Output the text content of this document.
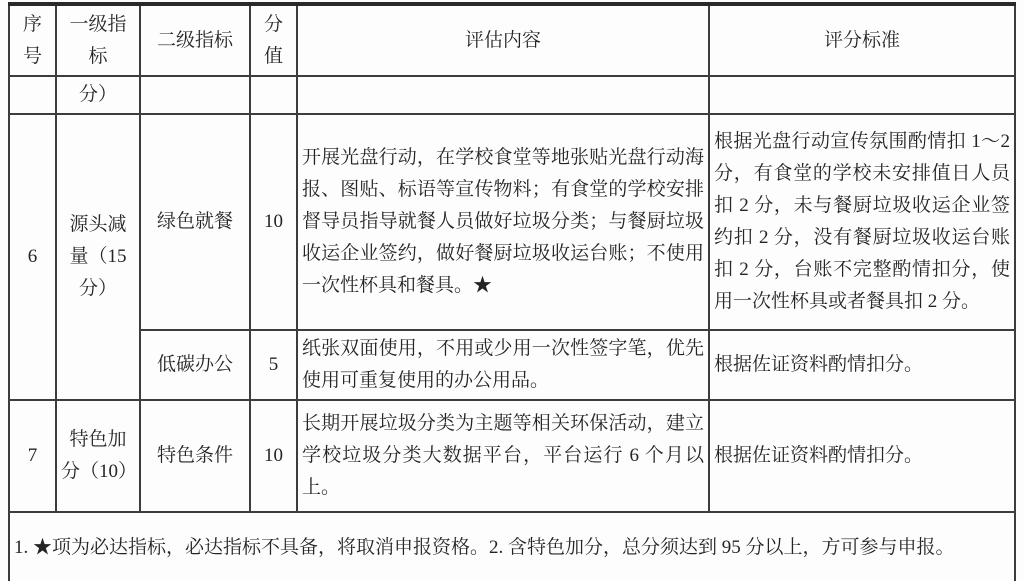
序号	一级指标	二级指标	分值	评估内容	评分标准
	分）				
6	源头减量（15分）	绿色就餐	10	开展光盘行动，在学校食堂等地张贴光盘行动海报、图贴、标语等宣传物料；有食堂的学校安排督导员指导就餐人员做好垃圾分类；与餐厨垃圾收运企业签约，做好餐厨垃圾收运台账；不使用一次性杯具和餐具。★	根据光盘行动宣传氛围酌情扣 1～2 分，有食堂的学校未安排值日人员扣 2 分，未与餐厨垃圾收运企业签约扣 2 分，没有餐厨垃圾收运台账扣 2 分，台账不完整酌情扣分，使用一次性杯具或者餐具扣 2 分。
		低碳办公	5	纸张双面使用，不用或少用一次性签字笔，优先使用可重复使用的办公用品。	根据佐证资料酌情扣分。
7	特色加分（10）	特色条件	10	长期开展垃圾分类为主题等相关环保活动，建立学校垃圾分类大数据平台，平台运行 6 个月以上。	根据佐证资料酌情扣分。
1. ★项为必达指标，必达指标不具备，将取消申报资格。2. 含特色加分，总分须达到 95 分以上，方可参与申报。					
